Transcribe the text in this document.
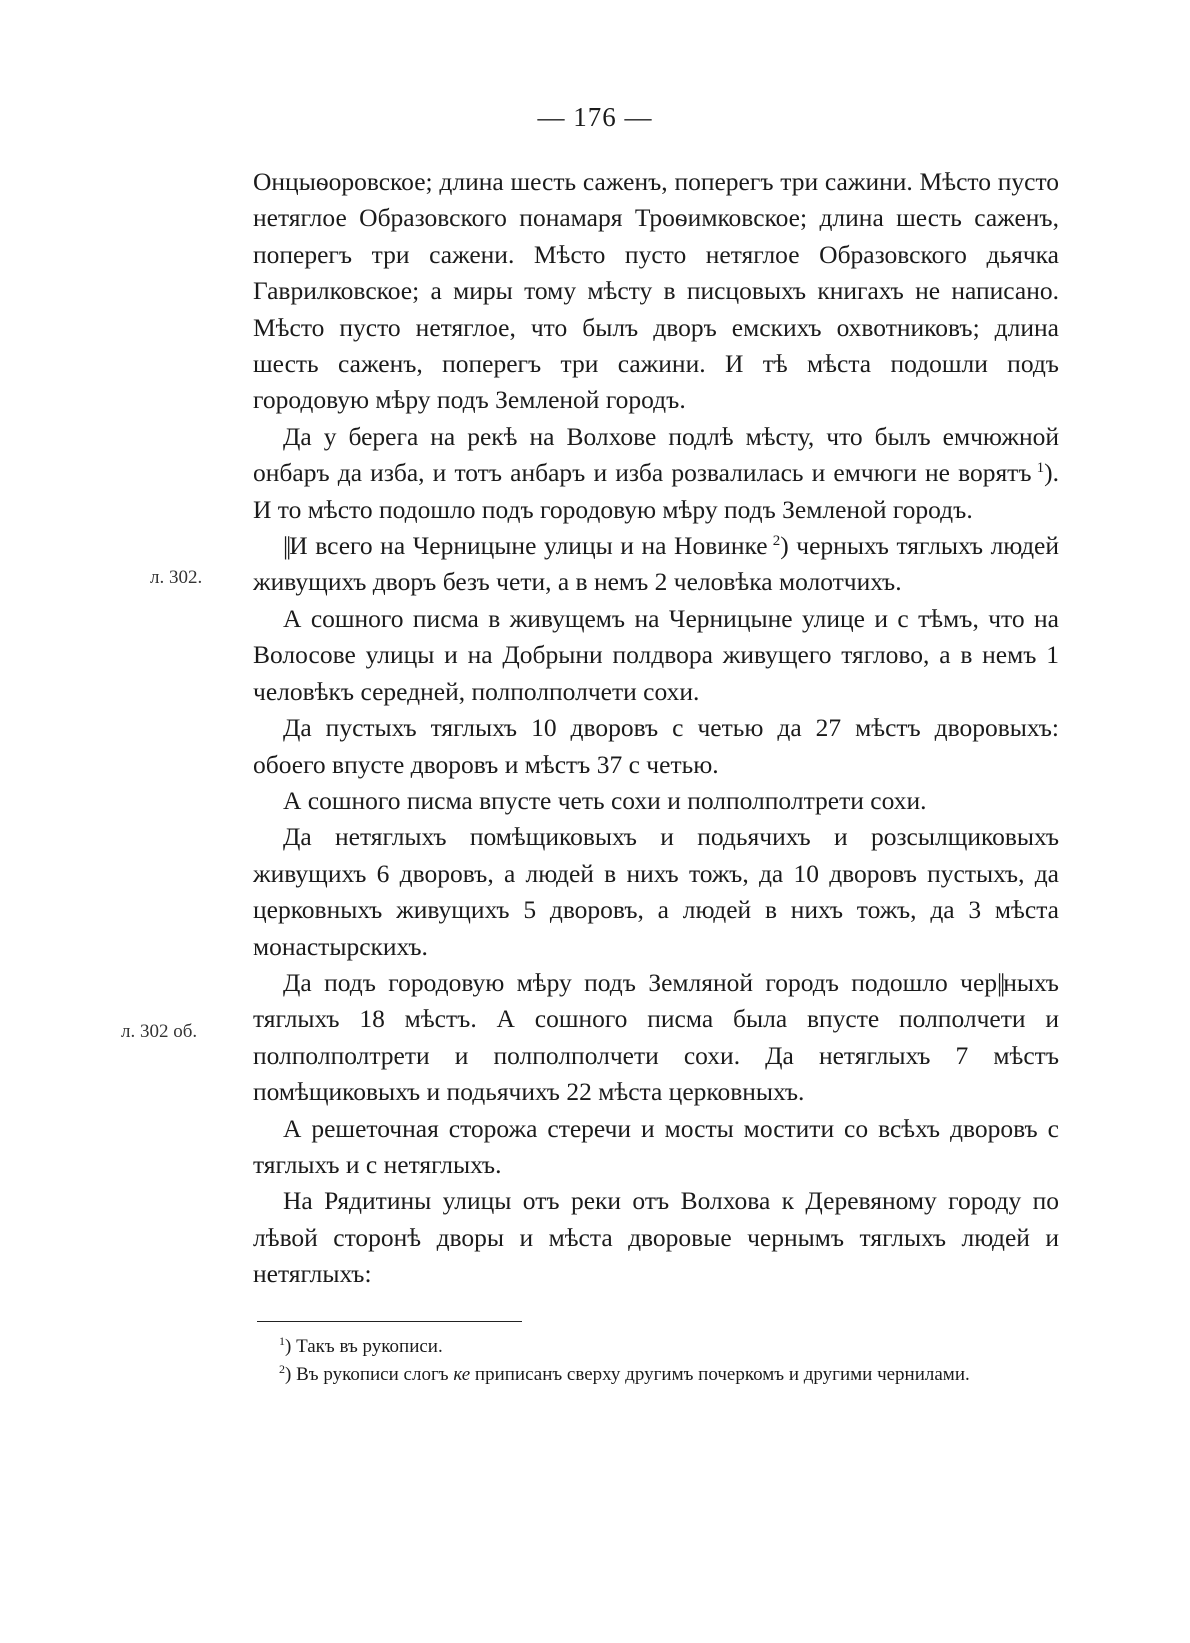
— 176 —
л. 302.
л. 302 об.

Онцыѳоровское; длина шесть саженъ, поперегъ три сажини. Мѣсто пусто нетяглое Образовского понамаря Троѳимковское; длина шесть саженъ, поперегъ три сажени. Мѣсто пусто нетяглое Образовского дьячка Гаврилковское; а миры тому мѣсту в писцовыхъ книгахъ не написано. Мѣсто пусто нетяглое, что былъ дворъ емскихъ охвотниковъ; длина шесть саженъ, поперегъ три сажини. И тѣ мѣста подошли подъ городовую мѣру подъ Земленой городъ.

Да у берега на рекѣ на Волхове подлѣ мѣсту, что былъ емчюжной онбаръ да изба, и тотъ анбаръ и изба розвалилась и емчюги не ворятъ  $^1$). И то мѣсто подошло подъ городовую мѣру подъ Земленой городъ.

||И всего на Черницыне улицы и на Новинке  $^2$) черныхъ тяглыхъ людей живущихъ дворъ безъ чети, а в немъ 2 человѣка молотчихъ.

А сошного писма в живущемъ на Черницыне улице и с тѣмъ, что на Волосове улицы и на Добрыни полдвора живущего тяглово, а в немъ 1 человѣкъ середней, полполполчети сохи.

Да пустыхъ тяглыхъ 10 дворовъ с четью да 27 мѣстъ дворовыхъ: обоего впусте дворовъ и мѣстъ 37 с четью.

А сошного писма впусте четь сохи и полполполтрети сохи.

Да нетяглыхъ помѣщиковыхъ и подьячихъ и розсылщиковыхъ живущихъ 6 дворовъ, а людей в нихъ тожъ, да 10 дворовъ пустыхъ, да церковныхъ живущихъ 5 дворовъ, а людей в нихъ тожъ, да 3 мѣста монастырскихъ.

Да подъ городовую мѣру подъ Земляной городъ подошло чер||ныхъ тяглыхъ 18 мѣстъ. А сошного писма была впусте полполчети и полполполтрети и полполполчети сохи. Да нетяглыхъ 7 мѣстъ помѣщиковыхъ и подьячихъ 22 мѣста церковныхъ.

А решеточная сторожа стеречи и мосты мостити со всѣхъ дворовъ с тяглыхъ и с нетяглыхъ.

На Рядитины улицы отъ реки отъ Волхова к Деревяному городу по лѣвой сторонѣ дворы и мѣста дворовые чернымъ тяглыхъ людей и нетяглыхъ:

$^1$) Такъ въ рукописи.

$^2$) Въ рукописи слогъ ке приписанъ сверху другимъ почеркомъ и другими чернилами.
